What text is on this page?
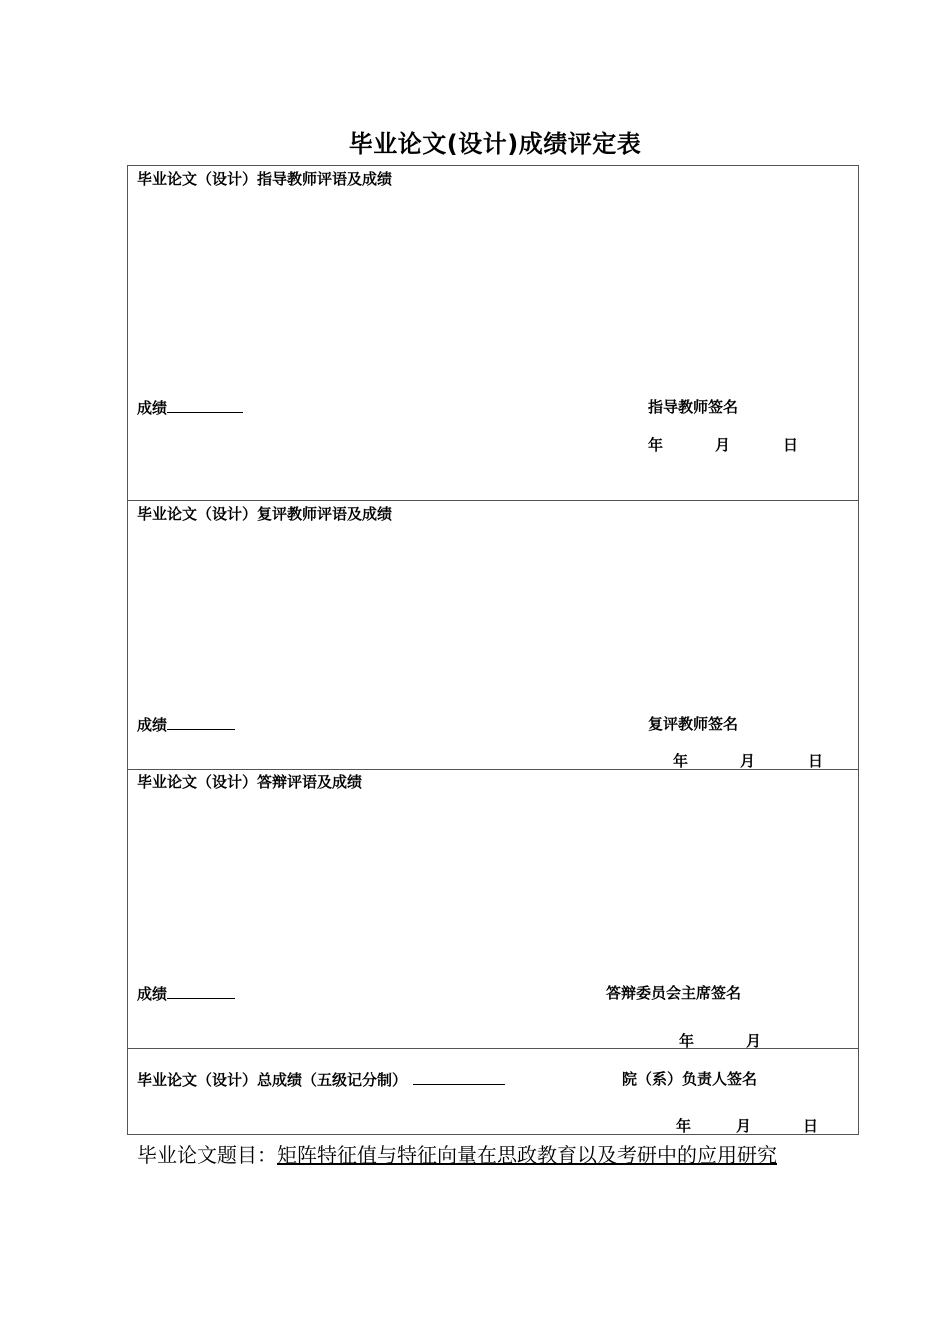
毕业论文(设计)成绩评定表
毕业论文（设计）指导教师评语及成绩
成绩	指导教师签名
年	月	日
毕业论文（设计）复评教师评语及成绩
成绩	复评教师签名
年	月	日
毕业论文（设计）答辩评语及成绩
成绩	答辩委员会主席签名
年	月
毕业论文（设计）总成绩（五级记分制）	院（系）负责人签名
年	月	日
毕业论文题目：矩阵特征值与特征向量在思政教育以及考研中的应用研究
